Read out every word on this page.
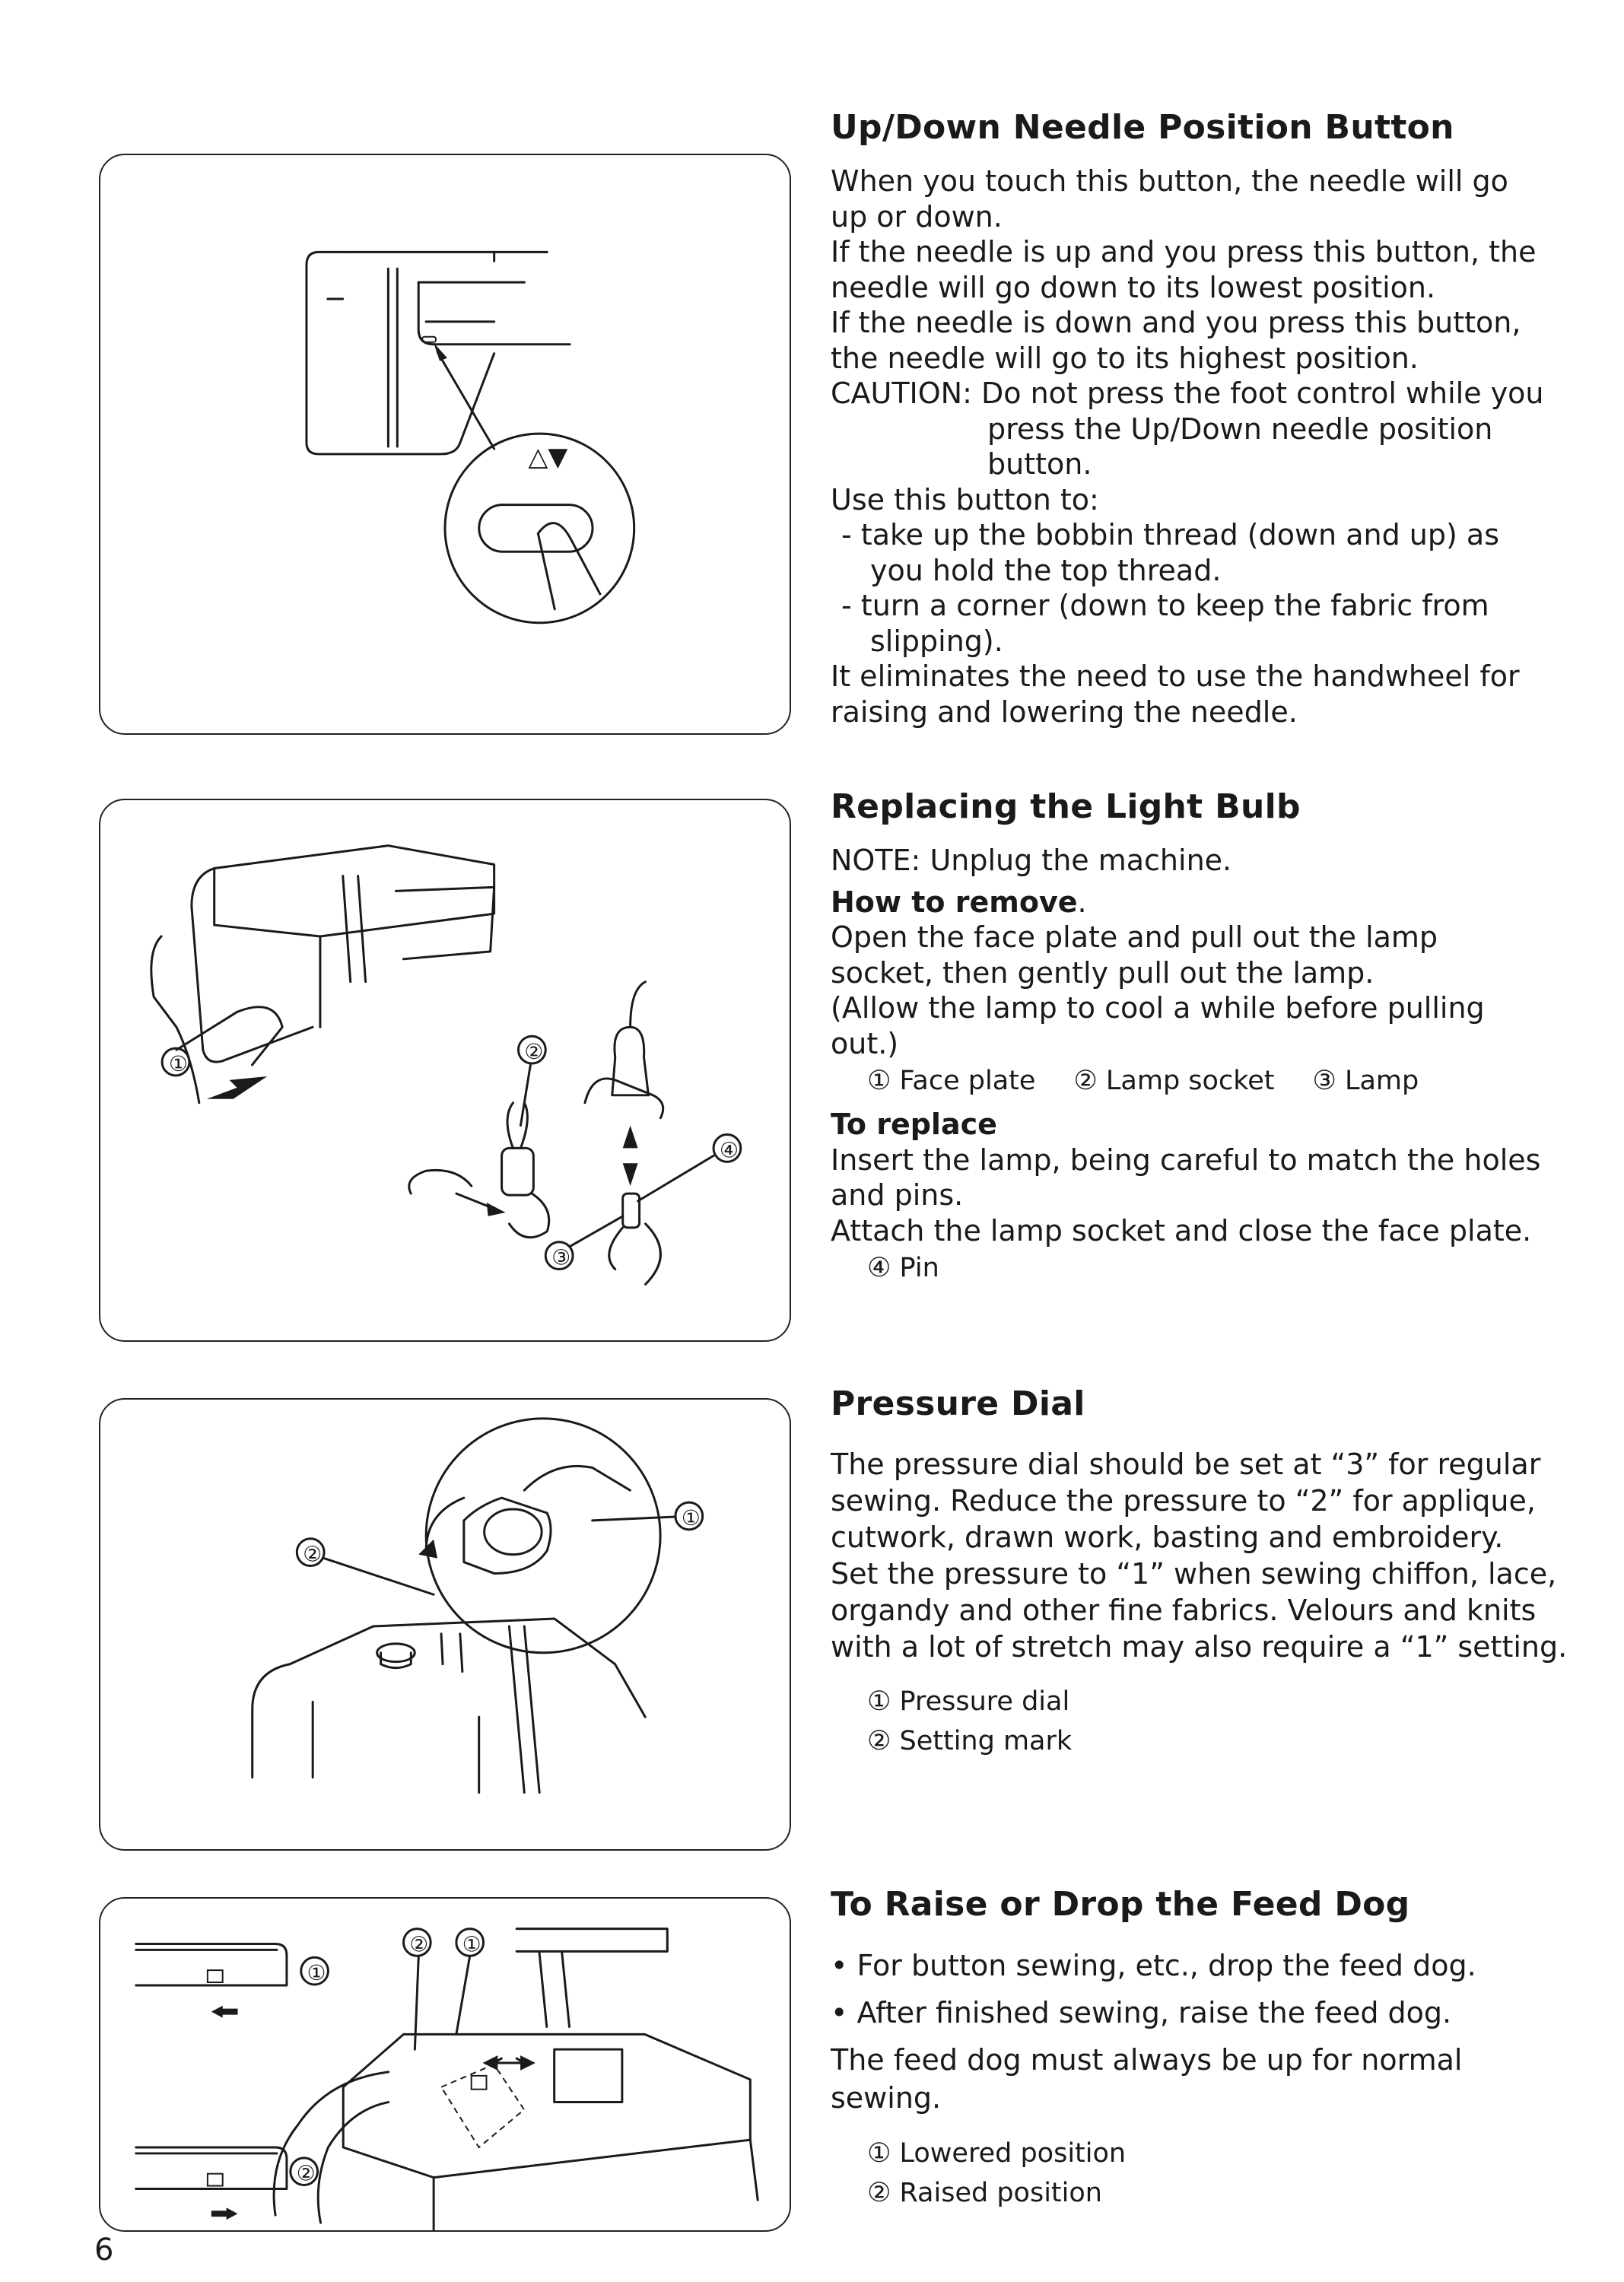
△▼
①	②
④
③
①
②
①
②
② ①
Up/Down Needle Position Button
When you touch this button, the needle will go
up or down.
If the needle is up and you press this button, the
needle will go down to its lowest position.
If the needle is down and you press this button,
the needle will go to its highest position.
CAUTION: Do not press the foot control while you
press the Up/Down needle position
button.
Use this button to:
- take up the bobbin thread (down and up) as
you hold the top thread.
- turn a corner (down to keep the fabric from
slipping).
It eliminates the need to use the handwheel for
raising and lowering the needle.
Replacing the Light Bulb
NOTE: Unplug the machine.
How to remove.
Open the face plate and pull out the lamp
socket, then gently pull out the lamp.
(Allow the lamp to cool a while before pulling
out.)
① Face plate ② Lamp socket ③ Lamp
To replace
Insert the lamp, being careful to match the holes
and pins.
Attach the lamp socket and close the face plate.
④ Pin
Pressure Dial
The pressure dial should be set at “3” for regular
sewing. Reduce the pressure to “2” for applique,
cutwork, drawn work, basting and embroidery.
Set the pressure to “1” when sewing chiffon, lace,
organdy and other fine fabrics. Velours and knits
with a lot of stretch may also require a “1” setting.
① Pressure dial
② Setting mark
To Raise or Drop the Feed Dog
• For button sewing, etc., drop the feed dog.
• After finished sewing, raise the feed dog.
The feed dog must always be up for normal
sewing.
① Lowered position
② Raised position
6
